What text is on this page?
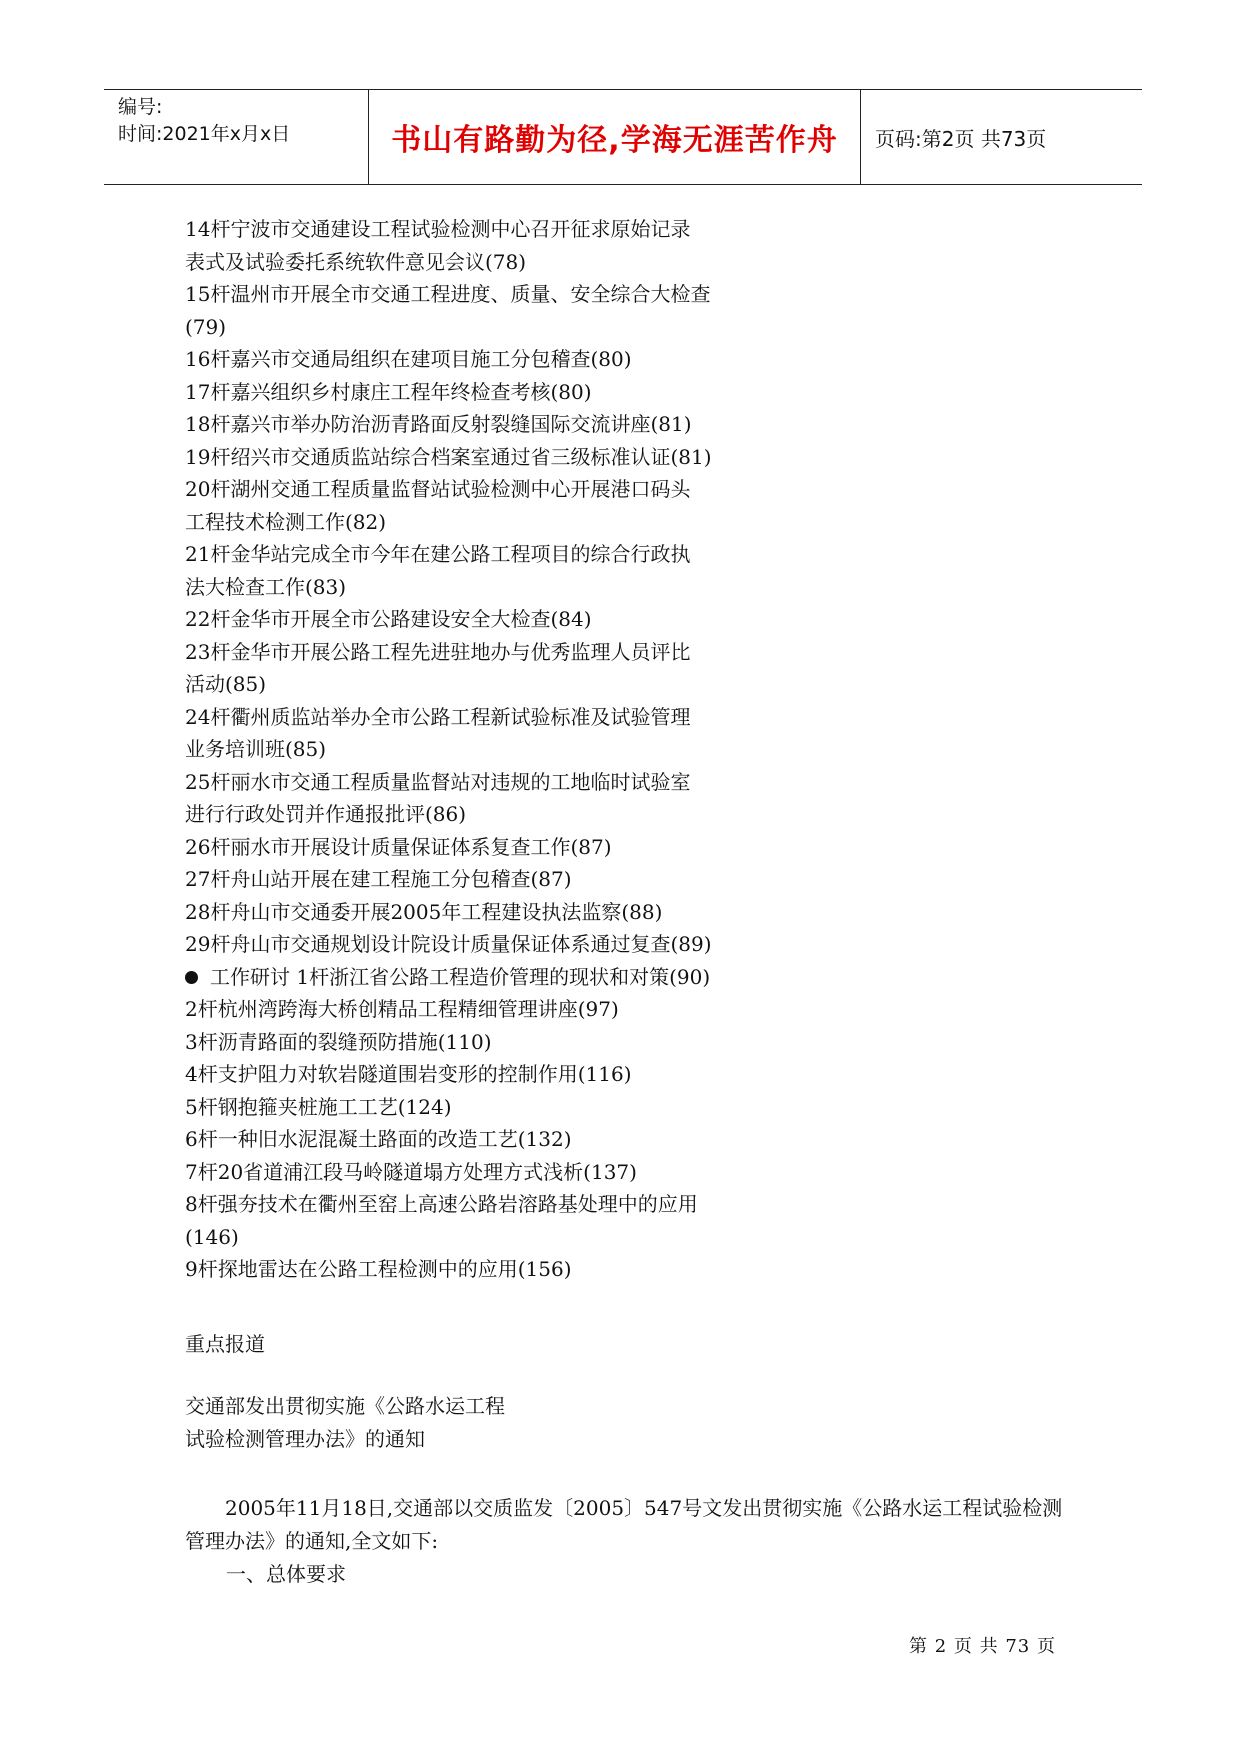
编号:
时间:2021年x月x日	书山有路勤为径,学海无涯苦作舟 页码:第2页 共73页
14杆宁波市交通建设工程试验检测中心召开征求原始记录
表式及试验委托系统软件意见会议(78)
15杆温州市开展全市交通工程进度、质量、安全综合大检查
(79)
16杆嘉兴市交通局组织在建项目施工分包稽查(80)
17杆嘉兴组织乡村康庄工程年终检查考核(80)
18杆嘉兴市举办防治沥青路面反射裂缝国际交流讲座(81)
19杆绍兴市交通质监站综合档案室通过省三级标准认证(81)
20杆湖州交通工程质量监督站试验检测中心开展港口码头
工程技术检测工作(82)
21杆金华站完成全市今年在建公路工程项目的综合行政执
法大检查工作(83)
22杆金华市开展全市公路建设安全大检查(84)
23杆金华市开展公路工程先进驻地办与优秀监理人员评比
活动(85)
24杆衢州质监站举办全市公路工程新试验标准及试验管理
业务培训班(85)
25杆丽水市交通工程质量监督站对违规的工地临时试验室
进行行政处罚并作通报批评(86)
26杆丽水市开展设计质量保证体系复查工作(87)
27杆舟山站开展在建工程施工分包稽查(87)
28杆舟山市交通委开展2005年工程建设执法监察(88)
29杆舟山市交通规划设计院设计质量保证体系通过复查(89)
工作研讨 1杆浙江省公路工程造价管理的现状和对策(90)
2杆杭州湾跨海大桥创精品工程精细管理讲座(97)
3杆沥青路面的裂缝预防措施(110)
4杆支护阻力对软岩隧道围岩变形的控制作用(116)
5杆钢抱箍夹桩施工工艺(124)
6杆一种旧水泥混凝土路面的改造工艺(132)
7杆20省道浦江段马岭隧道塌方处理方式浅析(137)
8杆强夯技术在衢州至窑上高速公路岩溶路基处理中的应用
(146)
9杆探地雷达在公路工程检测中的应用(156)
重点报道
交通部发出贯彻实施《公路水运工程
试验检测管理办法》的通知
2005年11月18日,交通部以交质监发〔2005〕547号文发出贯彻实施《公路水运工程试验检测管理办法》的通知,全文如下:
一、总体要求
第 2 页 共 73 页
